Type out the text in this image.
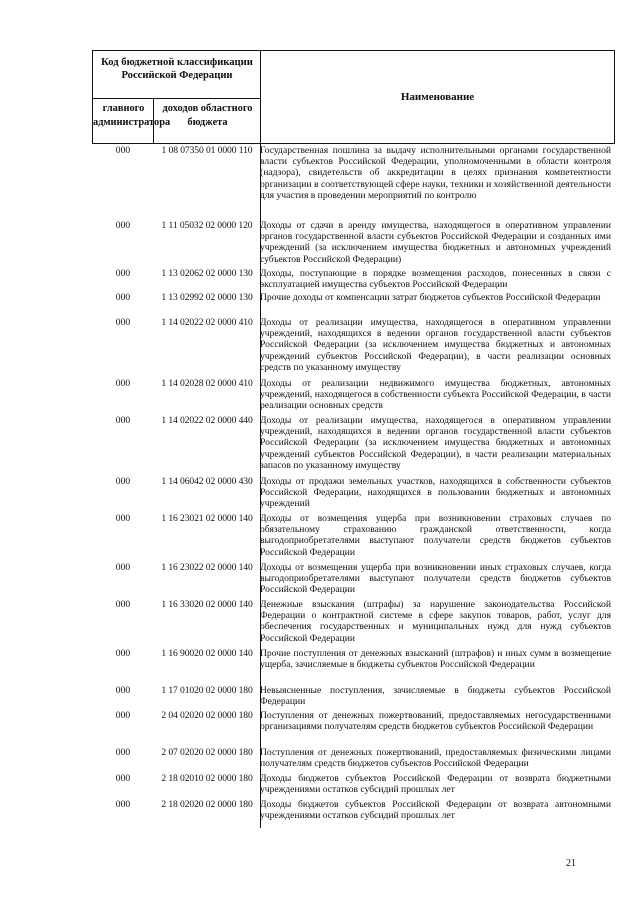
Код бюджетной классификации Российской Федерации
Наименование
главного администратора
доходов областного бюджета
000	1 08 07350 01 0000 110 Государственная пошлина за выдачу исполнительными органами государственной власти субъектов Российской Федерации, уполномоченными в области контроля (надзора), свидетельств об аккредитации в целях признания компетентности организации в соответствующей сфере науки, техники и хозяйственной деятельности для участия в проведении мероприятий по контролю
000	1 11 05032 02 0000 120 Доходы от сдачи в аренду имущества, находящегося в оперативном управлении органов государственной власти субъектов Российской Федерации и созданных ими учреждений (за исключением имущества бюджетных и автономных учреждений субъектов Российской Федерации)
000	1 13 02062 02 0000 130 Доходы, поступающие в порядке возмещения расходов, понесенных в связи с эксплуатацией имущества субъектов Российской Федерации
000	1 13 02992 02 0000 130 Прочие доходы от компенсации затрат бюджетов субъектов Российской Федерации
000	1 14 02022 02 0000 410 Доходы от реализации имущества, находящегося в оперативном управлении учреждений, находящихся в ведении органов государственной власти субъектов Российской Федерации (за исключением имущества бюджетных и автономных учреждений субъектов Российской Федерации), в части реализации основных средств по указанному имуществу
000	1 14 02028 02 0000 410 Доходы от реализации недвижимого имущества бюджетных, автономных учреждений, находящегося в собственности субъекта Российской Федерации, в части реализации основных средств
000	1 14 02022 02 0000 440 Доходы от реализации имущества, находящегося в оперативном управлении учреждений, находящихся в ведении органов государственной власти субъектов Российской Федерации (за исключением имущества бюджетных и автономных учреждений субъектов Российской Федерации), в части реализации материальных запасов по указанному имуществу
000	1 14 06042 02 0000 430 Доходы от продажи земельных участков, находящихся в собственности субъектов Российской Федерации, находящихся в пользовании бюджетных и автономных учреждений
000	1 16 23021 02 0000 140 Доходы от возмещения ущерба при возникновении страховых случаев по обязательному страхованию гражданской ответственности, когда выгодоприобретателями выступают получатели средств бюджетов субъектов Российской Федерации
000	1 16 23022 02 0000 140 Доходы от возмещения ущерба при возникновении иных страховых случаев, когда выгодоприобретателями выступают получатели средств бюджетов субъектов Российской Федерации
000	1 16 33020 02 0000 140 Денежные взыскания (штрафы) за нарушение законодательства Российской Федерации о контрактной системе в сфере закупок товаров, работ, услуг для обеспечения государственных и муниципальных нужд для нужд субъектов Российской Федерации
000	1 16 90020 02 0000 140 Прочие поступления от денежных взысканий (штрафов) и иных сумм в возмещение ущерба, зачисляемые в бюджеты субъектов Российской Федерации
000	1 17 01020 02 0000 180 Невыясненные поступления, зачисляемые в бюджеты субъектов Российской Федерации
000	2 04 02020 02 0000 180 Поступления от денежных пожертвований, предоставляемых негосударственными организациями получателям средств бюджетов субъектов Российской Федерации
000	2 07 02020 02 0000 180 Поступления от денежных пожертвований, предоставляемых физическими лицами получателям средств бюджетов субъектов Российской Федерации
000	2 18 02010 02 0000 180 Доходы бюджетов субъектов Российской Федерации от возврата бюджетными учреждениями остатков субсидий прошлых лет
000	2 18 02020 02 0000 180 Доходы бюджетов субъектов Российской Федерации от возврата автономными учреждениями остатков субсидий прошлых лет
21
